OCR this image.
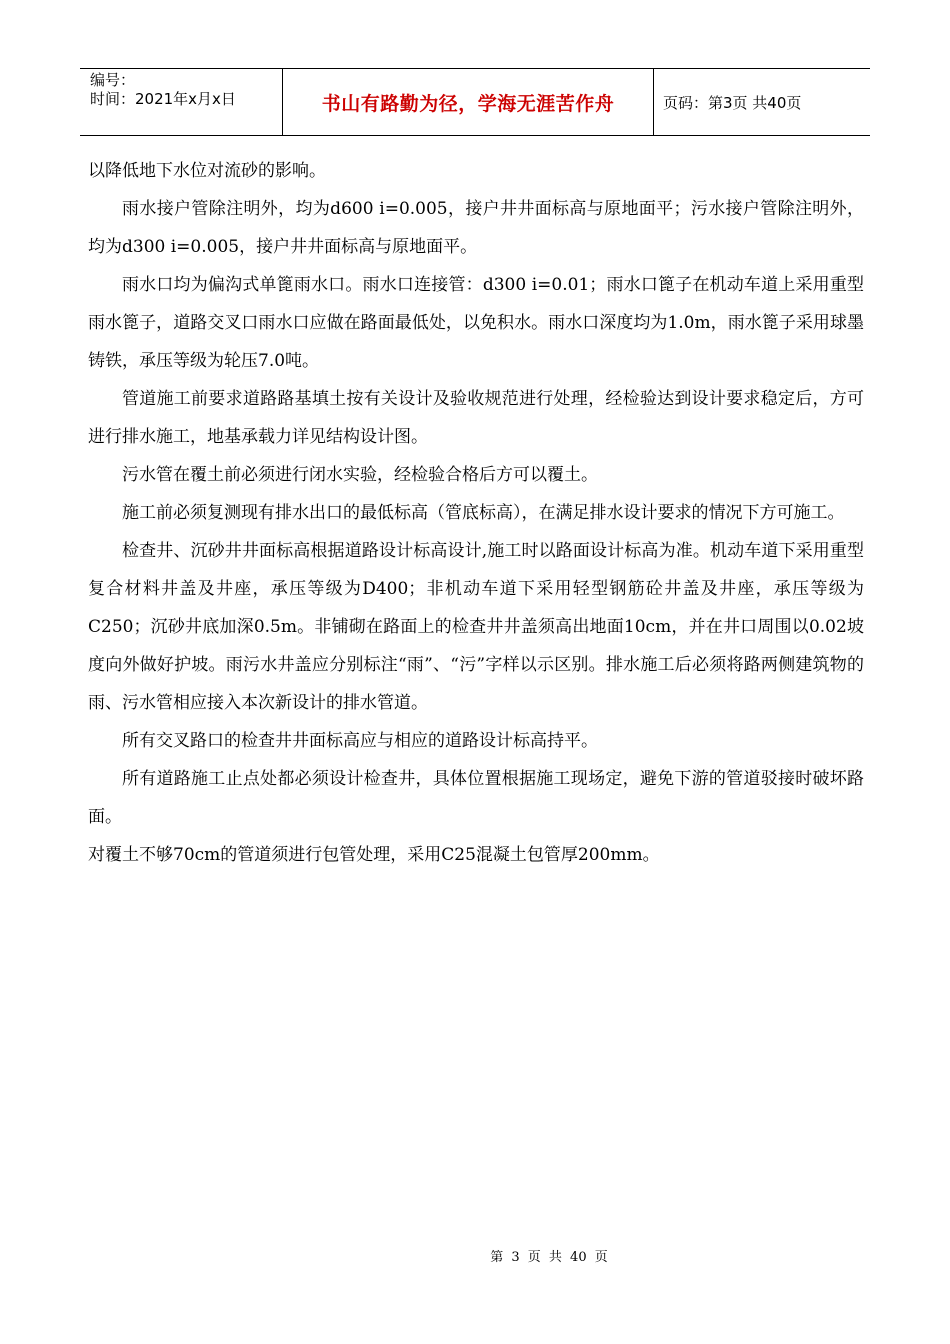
编号：
时间：2021年x月x日	书山有路勤为径，学海无涯苦作舟	页码：第3页 共40页

以降低地下水位对流砂的影响。

雨水接户管除注明外，均为d600 i=0.005，接户井井面标高与原地面平；污水接户管除注明外，均为d300 i=0.005，接户井井面标高与原地面平。

雨水口均为偏沟式单篦雨水口。雨水口连接管：d300 i=0.01；雨水口篦子在机动车道上采用重型雨水篦子，道路交叉口雨水口应做在路面最低处，以免积水。雨水口深度均为1.0m，雨水篦子采用球墨铸铁，承压等级为轮压7.0吨。

管道施工前要求道路路基填土按有关设计及验收规范进行处理，经检验达到设计要求稳定后，方可进行排水施工，地基承载力详见结构设计图。

污水管在覆土前必须进行闭水实验，经检验合格后方可以覆土。

施工前必须复测现有排水出口的最低标高（管底标高），在满足排水设计要求的情况下方可施工。

检查井、沉砂井井面标高根据道路设计标高设计,施工时以路面设计标高为准。机动车道下采用重型复合材料井盖及井座，承压等级为D400；非机动车道下采用轻型钢筋砼井盖及井座，承压等级为C250；沉砂井底加深0.5m。非铺砌在路面上的检查井井盖须高出地面10cm，并在井口周围以0.02坡度向外做好护坡。雨污水井盖应分别标注“雨”、“污”字样以示区别。排水施工后必须将路两侧建筑物的雨、污水管相应接入本次新设计的排水管道。

所有交叉路口的检查井井面标高应与相应的道路设计标高持平。

所有道路施工止点处都必须设计检查井，具体位置根据施工现场定，避免下游的管道驳接时破坏路面。

对覆土不够70cm的管道须进行包管处理，采用C25混凝土包管厚200mm。

第 3 页 共 40 页
